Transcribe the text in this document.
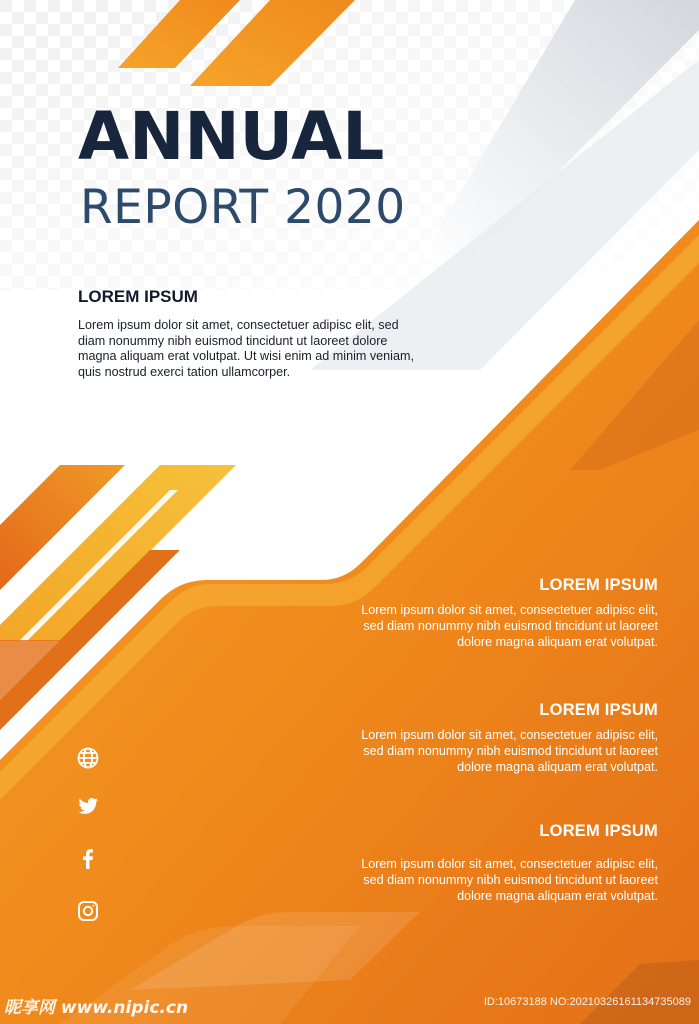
ANNUAL
REPORT 2020
LOREM IPSUM

Lorem ipsum dolor sit amet, consectetuer adipisc elit, sed diam nonummy nibh euismod tincidunt ut laoreet dolore magna aliquam erat volutpat. Ut wisi enim ad minim veniam, quis nostrud exerci tation ullamcorper.

LOREM IPSUM

Lorem ipsum dolor sit amet, consectetuer adipisc elit, sed diam nonummy nibh euismod tincidunt ut laoreet dolore magna aliquam erat volutpat.

LOREM IPSUM

Lorem ipsum dolor sit amet, consectetuer adipisc elit, sed diam nonummy nibh euismod tincidunt ut laoreet dolore magna aliquam erat volutpat.

LOREM IPSUM

Lorem ipsum dolor sit amet, consectetuer adipisc elit, sed diam nonummy nibh euismod tincidunt ut laoreet dolore magna aliquam erat volutpat.

昵享网 www.nipic.cn	ID:10673188 NO:20210326161134735089
